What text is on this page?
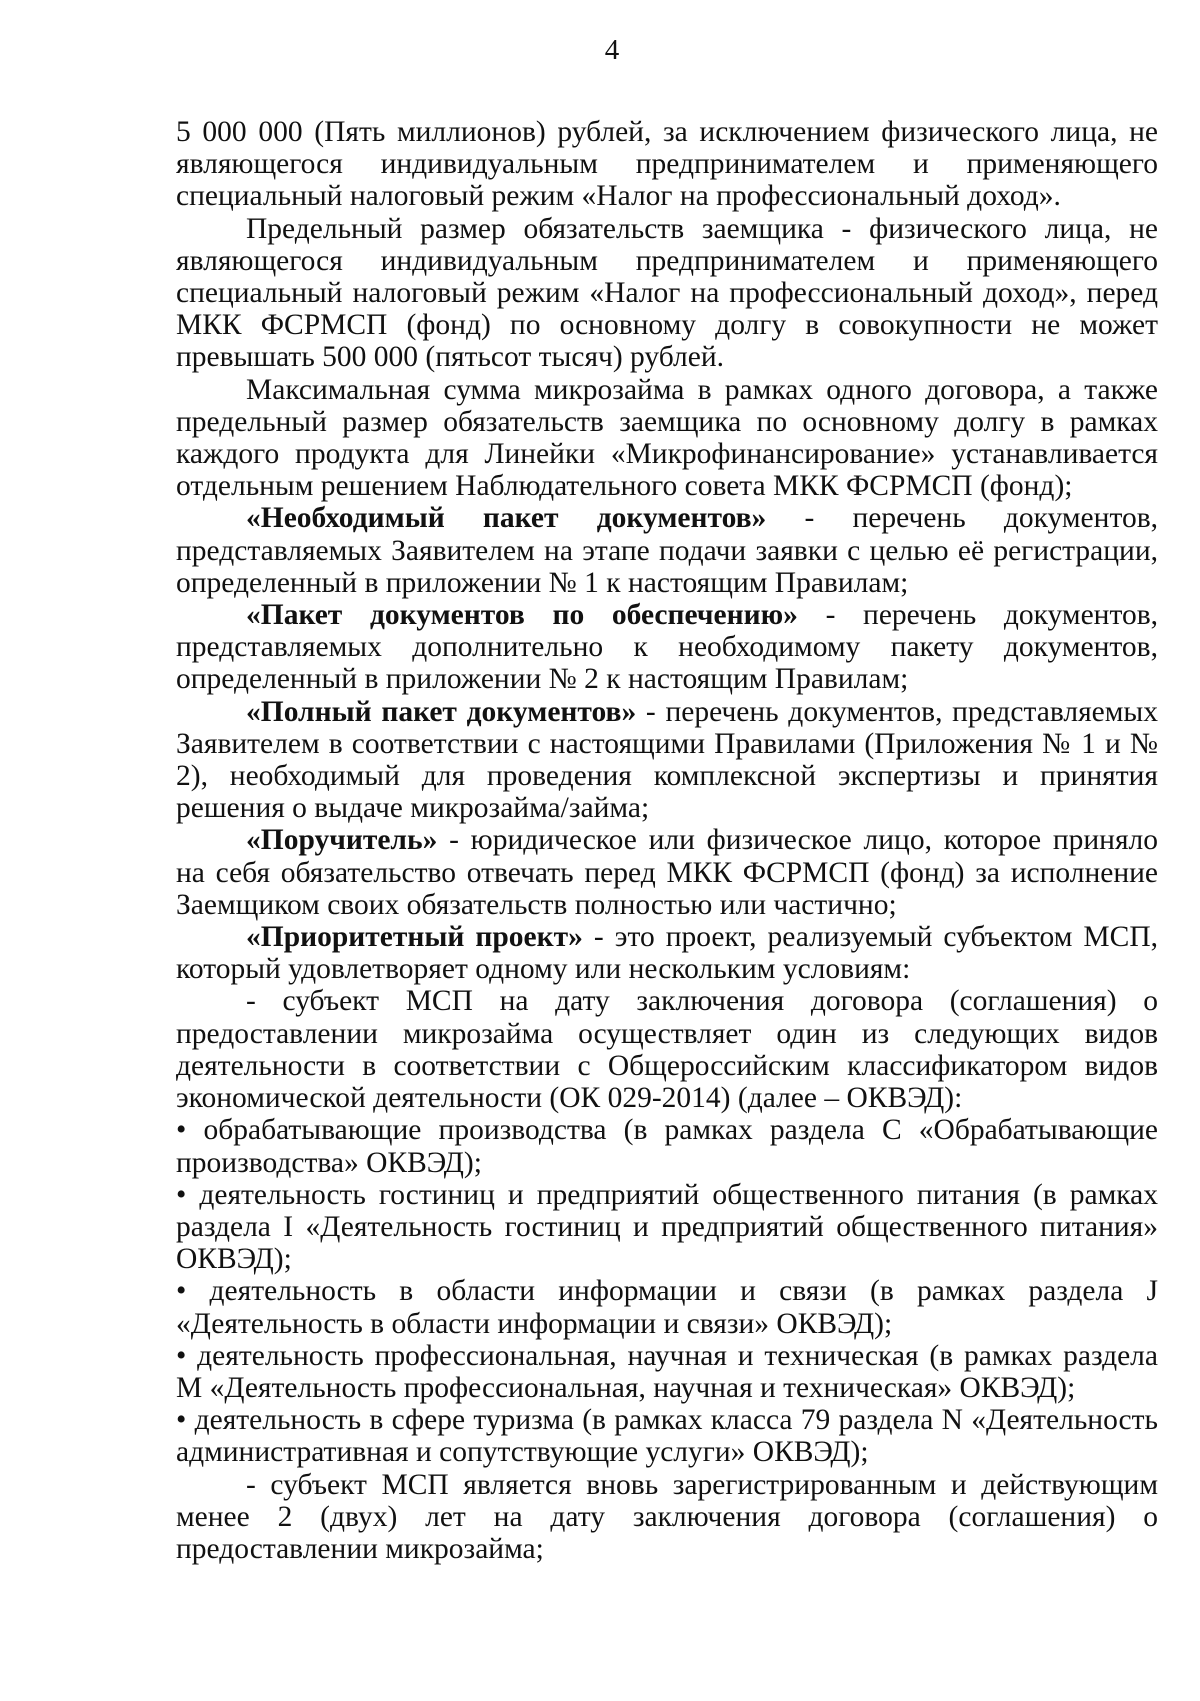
4

5 000 000 (Пять миллионов) рублей, за исключением физического лица, не являющегося индивидуальным предпринимателем и применяющего специальный налоговый режим «Налог на профессиональный доход».

Предельный размер обязательств заемщика - физического лица, не являющегося индивидуальным предпринимателем и применяющего специальный налоговый режим «Налог на профессиональный доход», перед МКК ФСРМСП (фонд) по основному долгу в совокупности не может превышать 500 000 (пятьсот тысяч) рублей.

Максимальная сумма микрозайма в рамках одного договора, а также предельный размер обязательств заемщика по основному долгу в рамках каждого продукта для Линейки «Микрофинансирование» устанавливается отдельным решением Наблюдательного совета МКК ФСРМСП (фонд);

«Необходимый пакет документов» - перечень документов, представляемых Заявителем на этапе подачи заявки с целью её регистрации, определенный в приложении № 1 к настоящим Правилам;

«Пакет документов по обеспечению» - перечень документов, представляемых дополнительно к необходимому пакету документов, определенный в приложении № 2 к настоящим Правилам;

«Полный пакет документов» - перечень документов, представляемых Заявителем в соответствии с настоящими Правилами (Приложения № 1 и № 2), необходимый для проведения комплексной экспертизы и принятия решения о выдаче микрозайма/займа;

«Поручитель» - юридическое или физическое лицо, которое приняло на себя обязательство отвечать перед МКК ФСРМСП (фонд) за исполнение Заемщиком своих обязательств полностью или частично;

«Приоритетный проект» - это проект, реализуемый субъектом МСП, который удовлетворяет одному или нескольким условиям:

- субъект МСП на дату заключения договора (соглашения) о предоставлении микрозайма осуществляет один из следующих видов деятельности в соответствии с Общероссийским классификатором видов экономической деятельности (ОК 029-2014) (далее – ОКВЭД):

• обрабатывающие производства (в рамках раздела С «Обрабатывающие производства» ОКВЭД);

• деятельность гостиниц и предприятий общественного питания (в рамках раздела I «Деятельность гостиниц и предприятий общественного питания» ОКВЭД);

• деятельность в области информации и связи (в рамках раздела J «Деятельность в области информации и связи» ОКВЭД);

• деятельность профессиональная, научная и техническая (в рамках раздела М «Деятельность профессиональная, научная и техническая» ОКВЭД);

• деятельность в сфере туризма (в рамках класса 79 раздела N «Деятельность административная и сопутствующие услуги» ОКВЭД);

- субъект МСП является вновь зарегистрированным и действующим менее 2 (двух) лет на дату заключения договора (соглашения) о предоставлении микрозайма;
